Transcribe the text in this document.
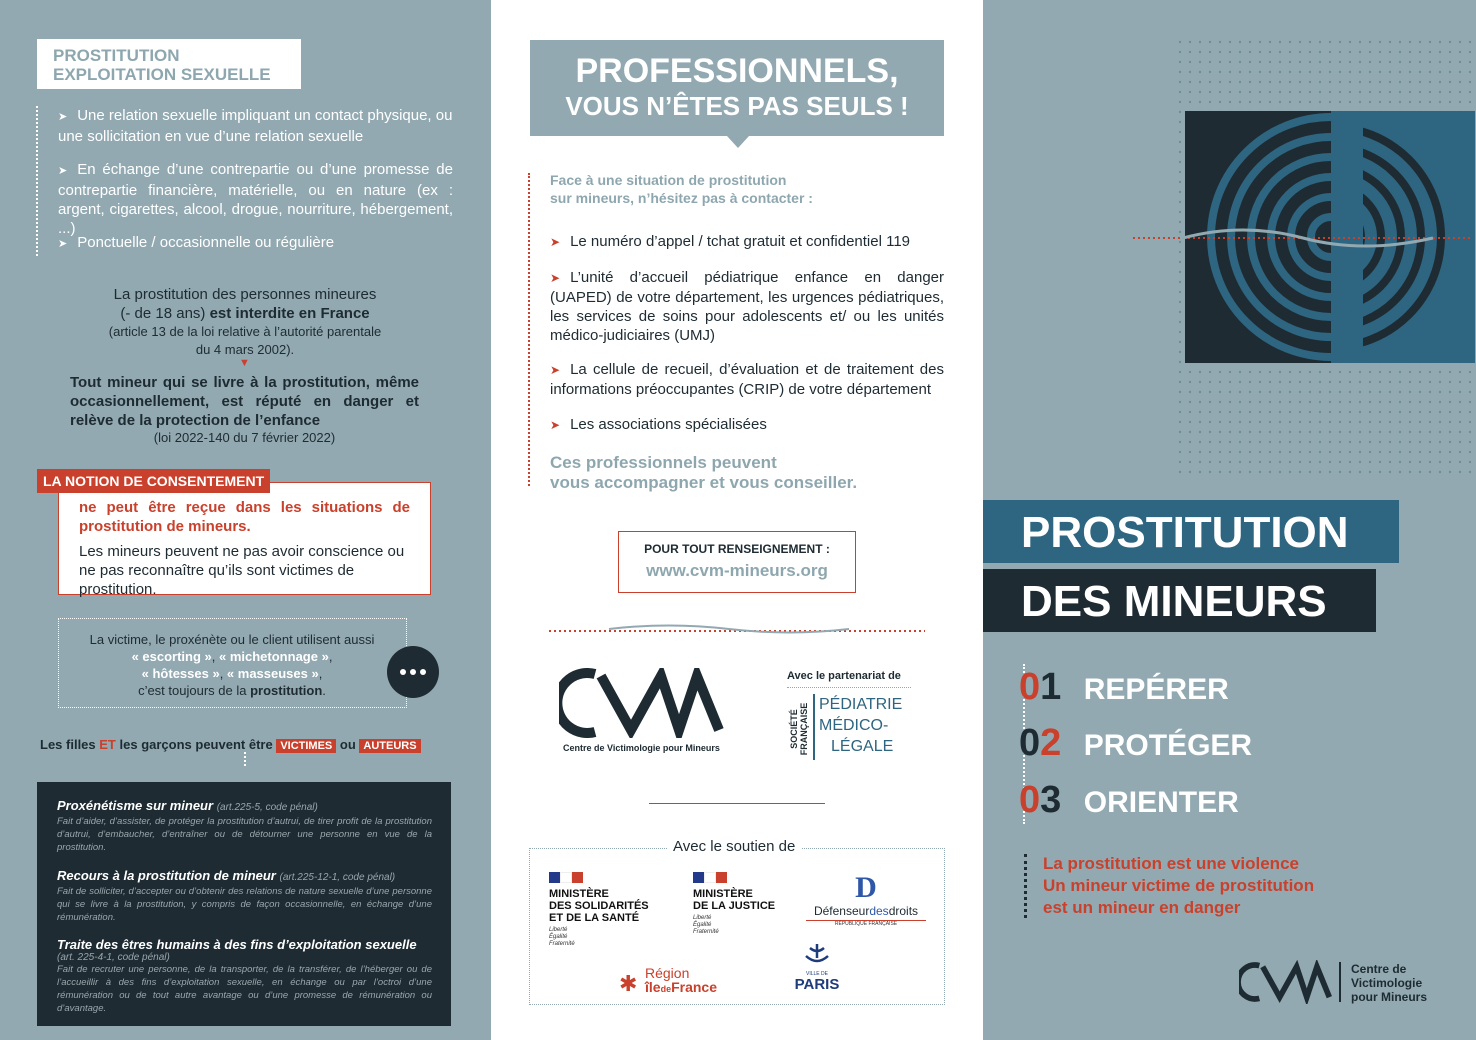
PROSTITUTION
EXPLOITATION SEXUELLE
➤ Une relation sexuelle impliquant un contact physique, ou une sollicitation en vue d’une relation sexuelle
➤ En échange d’une contrepartie ou d’une promesse de contrepartie financière, matérielle, ou en nature (ex : argent, cigarettes, alcool, drogue, nourriture, hébergement, ...)
➤ Ponctuelle / occasionnelle ou régulière
La prostitution des personnes mineures
(- de 18 ans) est interdite en France
(article 13 de la loi relative à l’autorité parentale
du 4 mars 2002).
▼
Tout mineur qui se livre à la prostitution, même occasionnellement, est réputé en danger et relève de la protection de l’enfance
(loi 2022-140 du 7 février 2022)
LA NOTION DE CONSENTEMENT
ne peut être reçue dans les situations de prostitution de mineurs.
Les mineurs peuvent ne pas avoir conscience ou ne pas reconnaître qu’ils sont victimes de prostitution.
La victime, le proxénète ou le client utilisent aussi
« escorting », « michetonnage »,
« hôtesses », « masseuses »,
c’est toujours de la prostitution.
Les filles ET les garçons peuvent être VICTIMES ou AUTEURS
Proxénétisme sur mineur (art.225-5, code pénal)
Fait d’aider, d’assister, de protéger la prostitution d’autrui, de tirer profit de la prostitution d’autrui, d’embaucher, d’entraîner ou de détourner une personne en vue de la prostitution.
Recours à la prostitution de mineur (art.225-12-1, code pénal)
Fait de solliciter, d’accepter ou d’obtenir des relations de nature sexuelle d’une personne qui se livre à la prostitution, y compris de façon occasionnelle, en échange d’une rémunération.
Traite des êtres humains à des fins d’exploitation sexuelle
(art. 225-4-1, code pénal)
Fait de recruter une personne, de la transporter, de la transférer, de l’héberger ou de l’accueillir à des fins d’exploitation sexuelle, en échange ou par l’octroi d’une rémunération ou de tout autre avantage ou d’une promesse de rémunération ou d’avantage.
PROFESSIONNELS,
VOUS N’ÊTES PAS SEULS !
Face à une situation de prostitution
sur mineurs, n’hésitez pas à contacter :
➤ Le numéro d’appel / tchat gratuit et confidentiel 119
➤ L’unité d’accueil pédiatrique enfance en danger (UAPED) de votre département, les urgences pédiatriques, les services de soins pour adolescents et/ ou les unités médico-judiciaires (UMJ)
➤ La cellule de recueil, d’évaluation et de traitement des informations préoccupantes (CRIP) de votre département
➤ Les associations spécialisées
Ces professionnels peuvent
vous accompagner et vous conseiller.
POUR TOUT RENSEIGNEMENT :
www.cvm-mineurs.org
Centre de Victimologie pour Mineurs
Avec le partenariat de
SOCIÉTÉ FRANÇAISE PÉDIATRIE
MÉDICO-
LÉGALE
Avec le soutien de
MINISTÈRE
DES SOLIDARITÉS
ET DE LA SANTÉ
Liberté
Égalité
Fraternité
MINISTÈRE
DE LA JUSTICE
Liberté
Égalité
Fraternité
D
Défenseurdesdroits
RÉPUBLIQUE FRANÇAISE
✱ Région
îledeFrance
VILLE DE
PARIS
PROSTITUTION
DES MINEURS
01 REPÉRER
02 PROTÉGER
03 ORIENTER
La prostitution est une violence
Un mineur victime de prostitution
est un mineur en danger
Centre de
Victimologie
pour Mineurs
